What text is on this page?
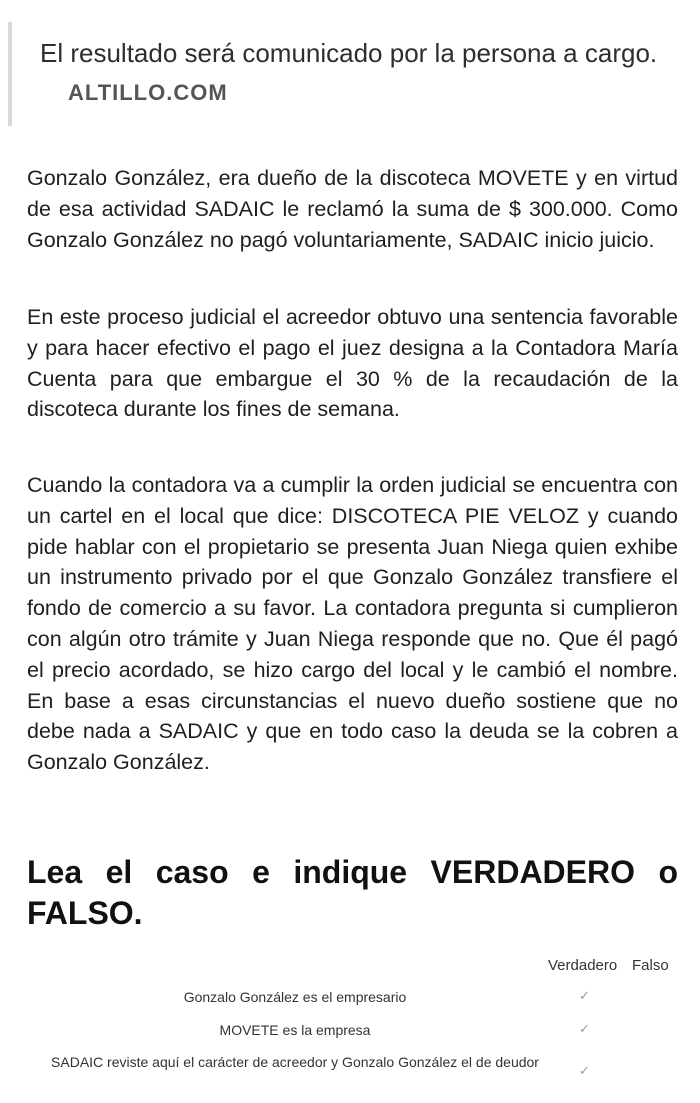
El resultado será comunicado por la persona a cargo. ALTILLO.COM

Gonzalo González, era dueño de la discoteca MOVETE y en virtud de esa actividad SADAIC le reclamó la suma de $ 300.000. Como Gonzalo González no pagó voluntariamente, SADAIC inicio juicio.

En este proceso judicial el acreedor obtuvo una sentencia favorable y para hacer efectivo el pago el juez designa a la Contadora María Cuenta para que embargue el 30 % de la recaudación de la discoteca durante los fines de semana.

Cuando la contadora va a cumplir la orden judicial se encuentra con un cartel en el local que dice: DISCOTECA PIE VELOZ y cuando pide hablar con el propietario se presenta Juan Niega quien exhibe un instrumento privado por el que Gonzalo González transfiere el fondo de comercio a su favor. La contadora pregunta si cumplieron con algún otro trámite y Juan Niega responde que no. Que él pagó el precio acordado, se hizo cargo del local y le cambió el nombre. En base a esas circunstancias el nuevo dueño sostiene que no debe nada a SADAIC y que en todo caso la deuda se la cobren a Gonzalo González.

Lea el caso e indique VERDADERO o FALSO.
Verdadero Falso
Gonzalo González es el empresario	✓
MOVETE es la empresa	✓
SADAIC reviste aquí el carácter de acreedor y Gonzalo González el de deudor
✓
